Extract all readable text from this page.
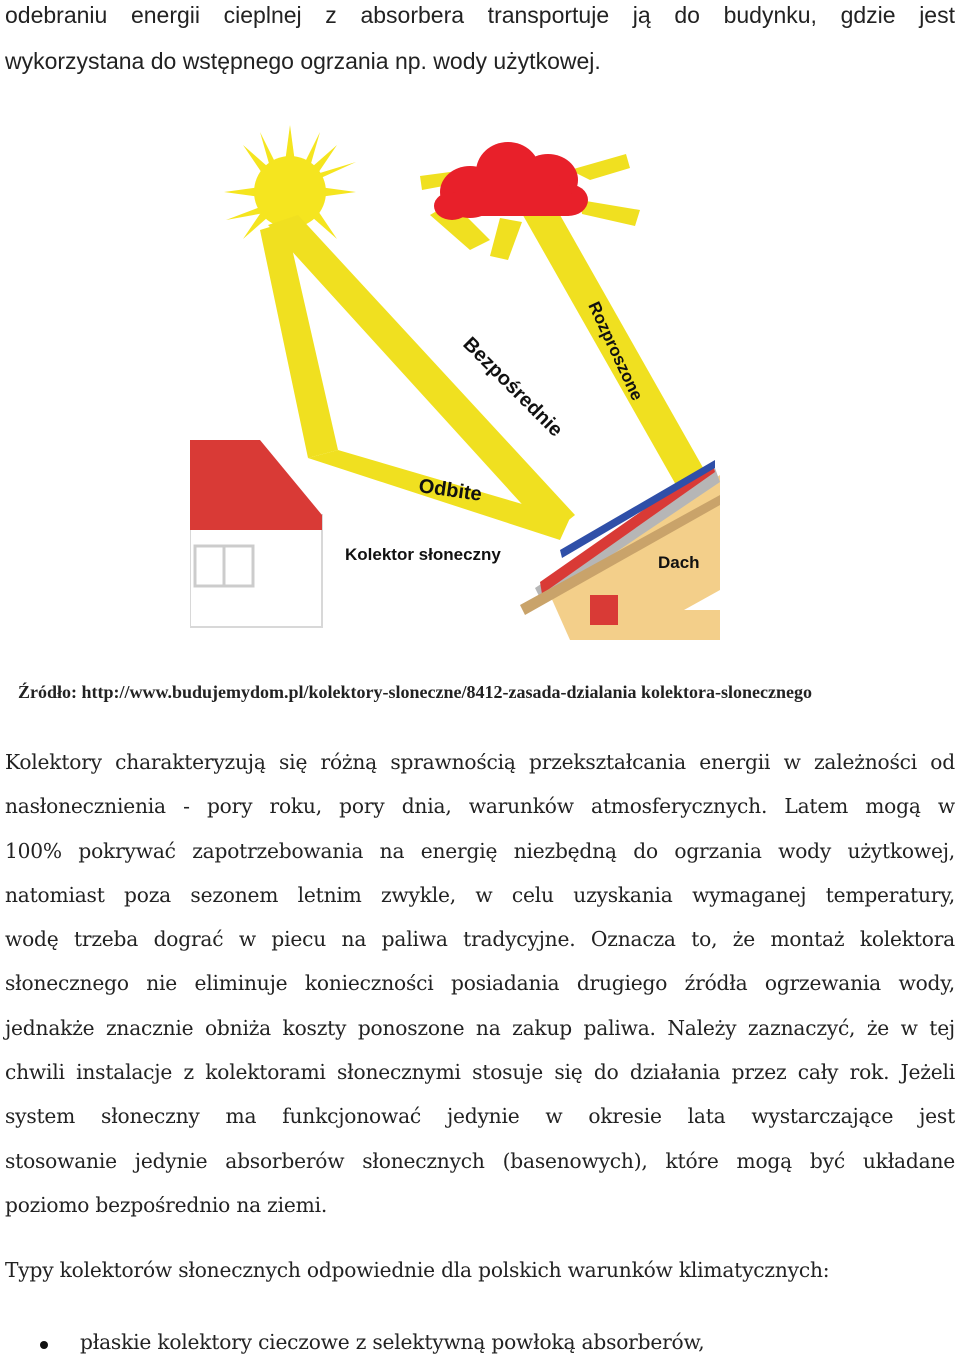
odebraniu energii cieplnej z absorbera transportuje ją do budynku, gdzie jest
wykorzystana do wstępnego ogrzania np. wody użytkowej.
Bezpośrednie Rozproszone
Odbite
Kolektor słoneczny	Dach
Źródło: http://www.budujemydom.pl/kolektory-sloneczne/8412-zasada-dzialania kolektora-slonecznego
Kolektory charakteryzują się różną sprawnością przekształcania energii w zależności od
nasłonecznienia - pory roku, pory dnia, warunków atmosferycznych. Latem mogą w
100% pokrywać zapotrzebowania na energię niezbędną do ogrzania wody użytkowej,
natomiast poza sezonem letnim zwykle, w celu uzyskania wymaganej temperatury,
wodę trzeba dograć w piecu na paliwa tradycyjne. Oznacza to, że montaż kolektora
słonecznego nie eliminuje konieczności posiadania drugiego źródła ogrzewania wody,
jednakże znacznie obniża koszty ponoszone na zakup paliwa. Należy zaznaczyć, że w tej
chwili instalacje z kolektorami słonecznymi stosuje się do działania przez cały rok. Jeżeli
system słoneczny ma funkcjonować jedynie w okresie lata wystarczające jest
stosowanie jedynie absorberów słonecznych (basenowych), które mogą być układane
poziomo bezpośrednio na ziemi.
Typy kolektorów słonecznych odpowiednie dla polskich warunków klimatycznych:
płaskie kolektory cieczowe z selektywną powłoką absorberów,
